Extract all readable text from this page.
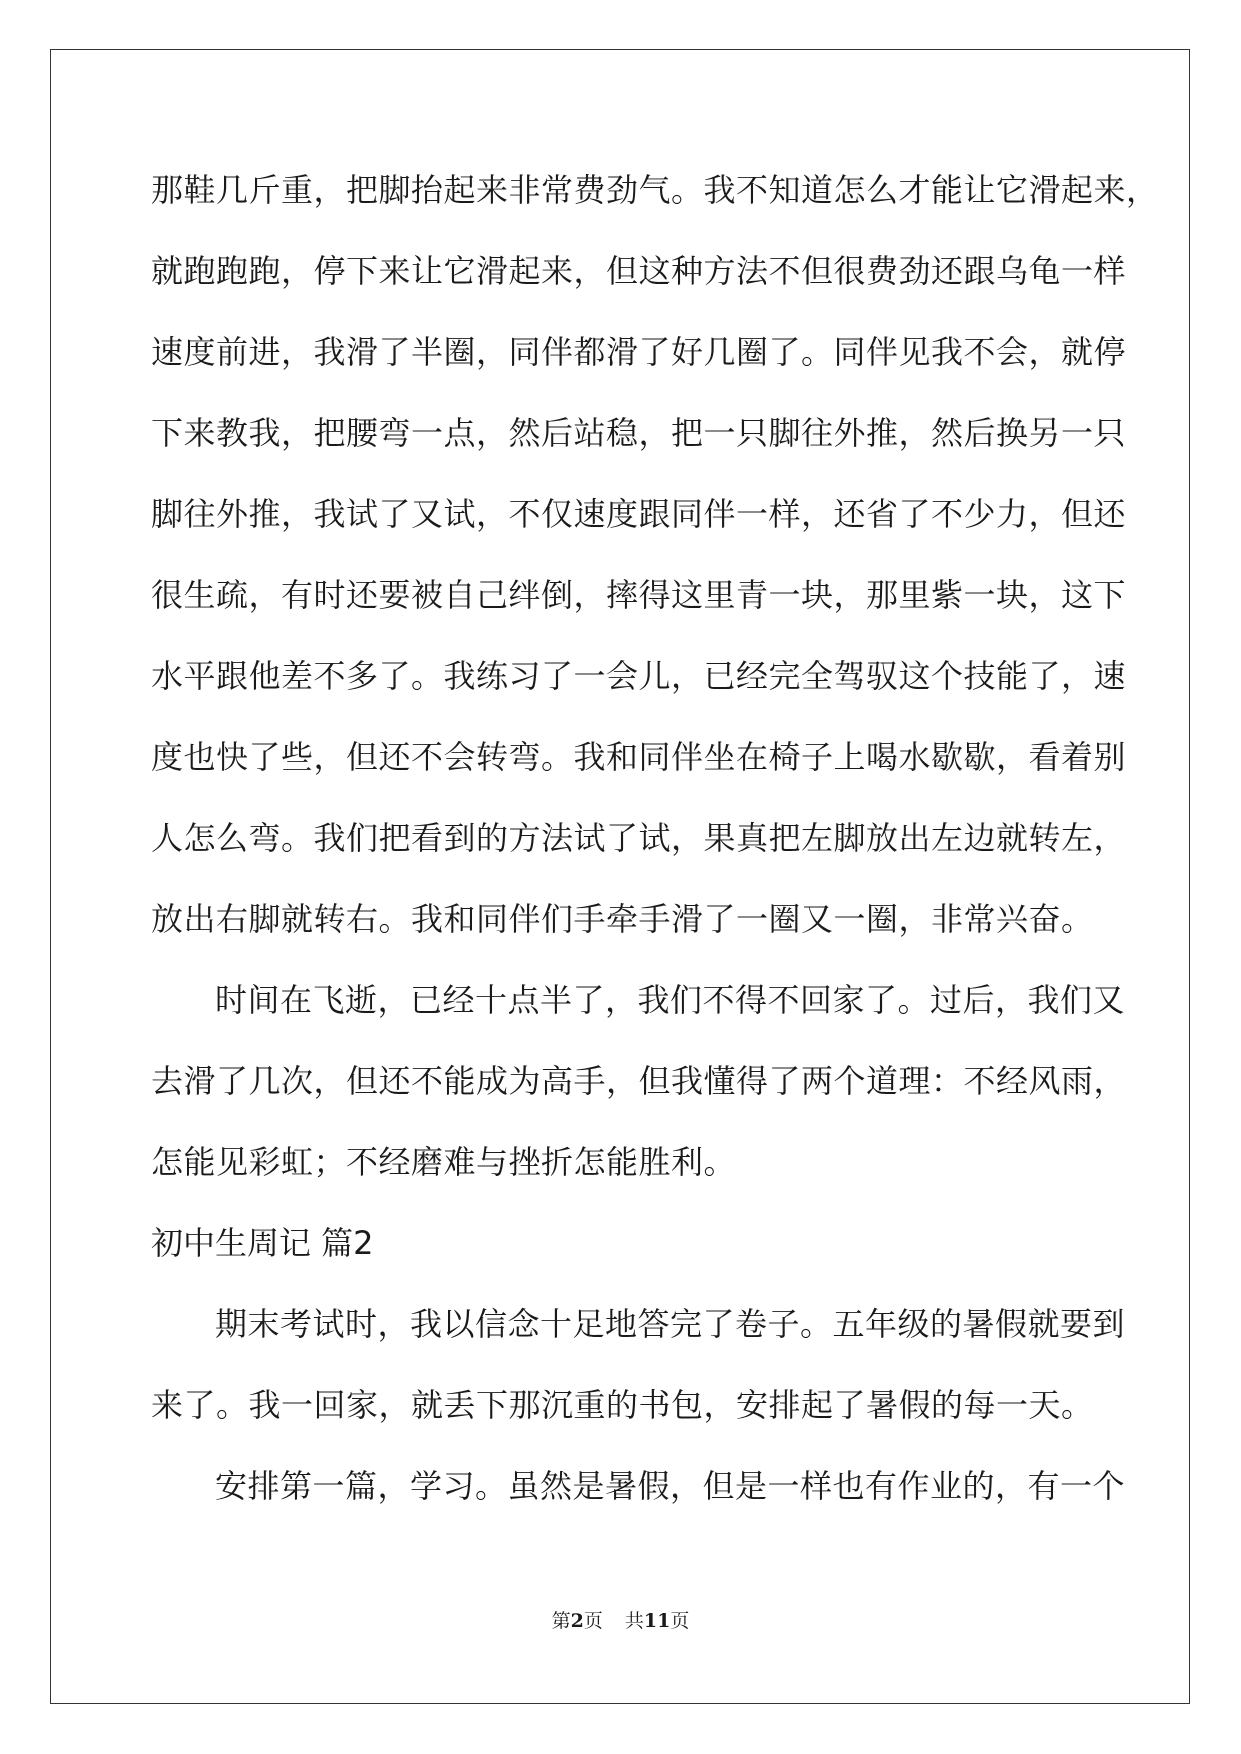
那鞋几斤重，把脚抬起来非常费劲气。我不知道怎么才能让它滑起来，
就跑跑跑，停下来让它滑起来，但这种方法不但很费劲还跟乌龟一样
速度前进，我滑了半圈，同伴都滑了好几圈了。同伴见我不会，就停
下来教我，把腰弯一点，然后站稳，把一只脚往外推，然后换另一只
脚往外推，我试了又试，不仅速度跟同伴一样，还省了不少力，但还
很生疏，有时还要被自己绊倒，摔得这里青一块，那里紫一块，这下
水平跟他差不多了。我练习了一会儿，已经完全驾驭这个技能了，速
度也快了些，但还不会转弯。我和同伴坐在椅子上喝水歇歇，看着别
人怎么弯。我们把看到的方法试了试，果真把左脚放出左边就转左，
放出右脚就转右。我和同伴们手牵手滑了一圈又一圈，非常兴奋。
时间在飞逝，已经十点半了，我们不得不回家了。过后，我们又
去滑了几次，但还不能成为高手，但我懂得了两个道理：不经风雨，
怎能见彩虹；不经磨难与挫折怎能胜利。
初中生周记 篇2
期末考试时，我以信念十足地答完了卷子。五年级的暑假就要到
来了。我一回家，就丢下那沉重的书包，安排起了暑假的每一天。
安排第一篇，学习。虽然是暑假，但是一样也有作业的，有一个
第2页 共11页
